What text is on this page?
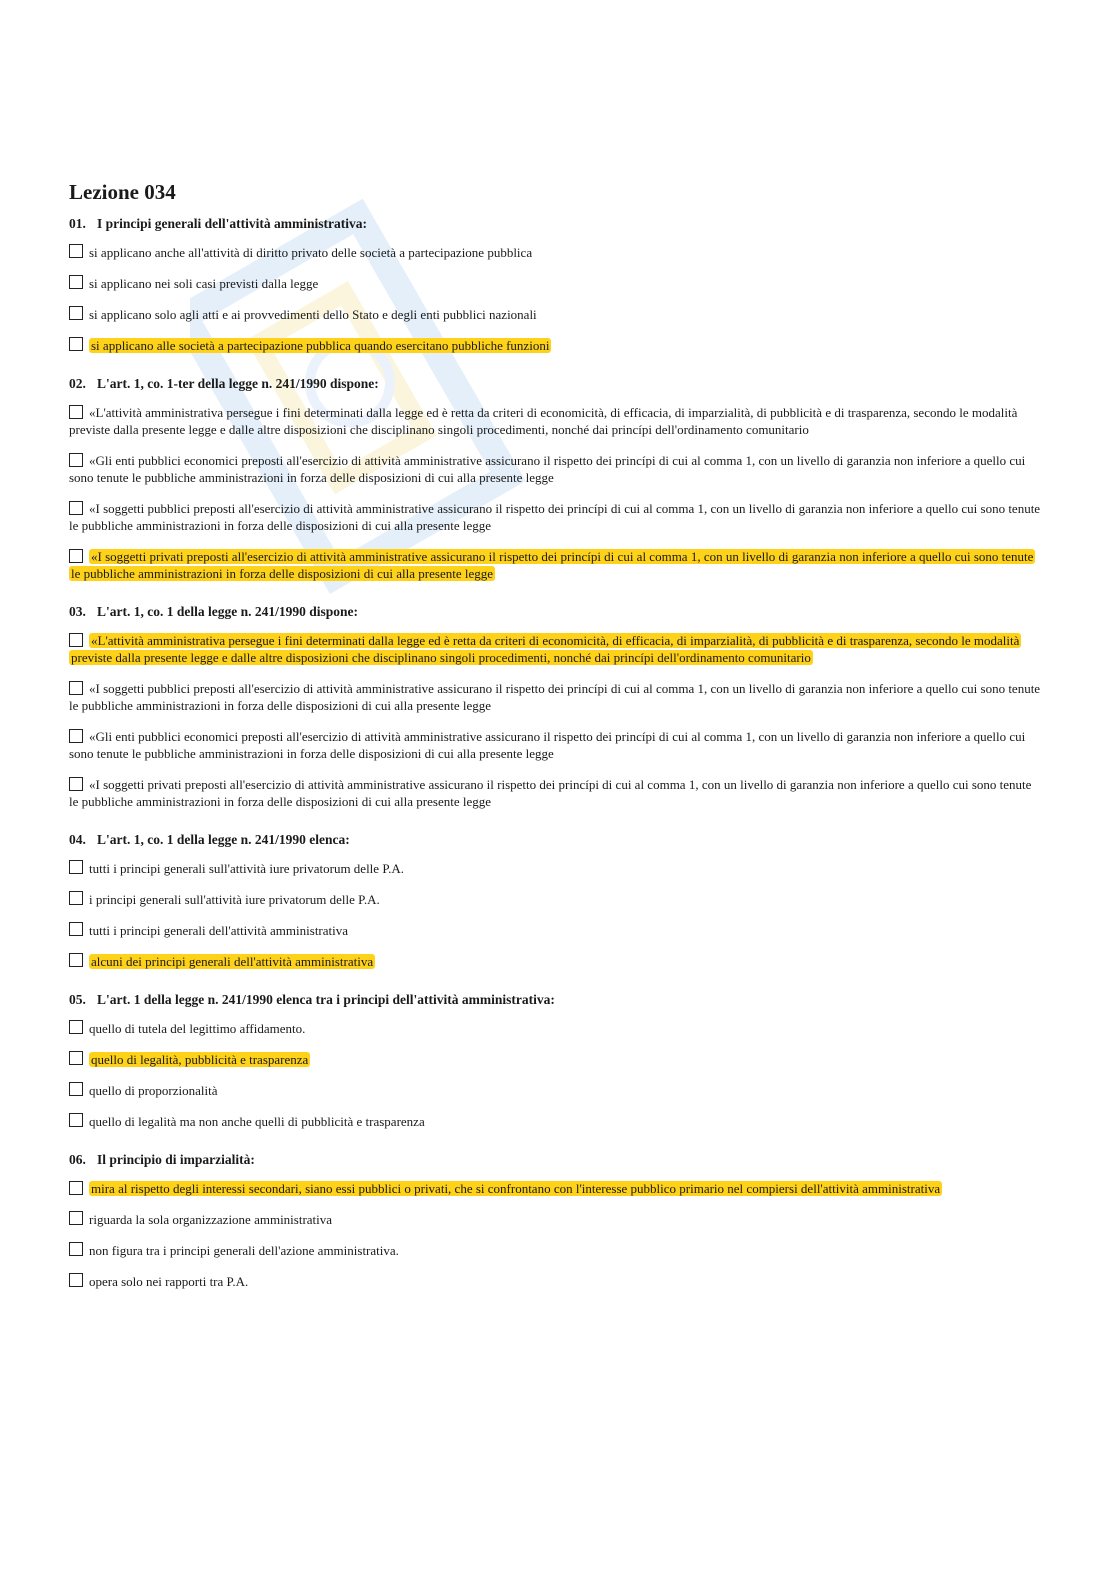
Lezione 034
01. I principi generali dell'attività amministrativa:
si applicano anche all'attività di diritto privato delle società a partecipazione pubblica
si applicano nei soli casi previsti dalla legge
si applicano solo agli atti e ai provvedimenti dello Stato e degli enti pubblici nazionali
si applicano alle società a partecipazione pubblica quando esercitano pubbliche funzioni
02. L'art. 1, co. 1-ter della legge n. 241/1990 dispone:
«L'attività amministrativa persegue i fini determinati dalla legge ed è retta da criteri di economicità, di efficacia, di imparzialità, di pubblicità e di trasparenza, secondo le modalità previste dalla presente legge e dalle altre disposizioni che disciplinano singoli procedimenti, nonché dai princípi dell'ordinamento comunitario
«Gli enti pubblici economici preposti all'esercizio di attività amministrative assicurano il rispetto dei princípi di cui al comma 1, con un livello di garanzia non inferiore a quello cui sono tenute le pubbliche amministrazioni in forza delle disposizioni di cui alla presente legge
«I soggetti pubblici preposti all'esercizio di attività amministrative assicurano il rispetto dei princípi di cui al comma 1, con un livello di garanzia non inferiore a quello cui sono tenute le pubbliche amministrazioni in forza delle disposizioni di cui alla presente legge
«I soggetti privati preposti all'esercizio di attività amministrative assicurano il rispetto dei princípi di cui al comma 1, con un livello di garanzia non inferiore a quello cui sono tenute le pubbliche amministrazioni in forza delle disposizioni di cui alla presente legge
03. L'art. 1, co. 1 della legge n. 241/1990 dispone:
«L'attività amministrativa persegue i fini determinati dalla legge ed è retta da criteri di economicità, di efficacia, di imparzialità, di pubblicità e di trasparenza, secondo le modalità previste dalla presente legge e dalle altre disposizioni che disciplinano singoli procedimenti, nonché dai princípi dell'ordinamento comunitario
«I soggetti pubblici preposti all'esercizio di attività amministrative assicurano il rispetto dei princípi di cui al comma 1, con un livello di garanzia non inferiore a quello cui sono tenute le pubbliche amministrazioni in forza delle disposizioni di cui alla presente legge
«Gli enti pubblici economici preposti all'esercizio di attività amministrative assicurano il rispetto dei princípi di cui al comma 1, con un livello di garanzia non inferiore a quello cui sono tenute le pubbliche amministrazioni in forza delle disposizioni di cui alla presente legge
«I soggetti privati preposti all'esercizio di attività amministrative assicurano il rispetto dei princípi di cui al comma 1, con un livello di garanzia non inferiore a quello cui sono tenute le pubbliche amministrazioni in forza delle disposizioni di cui alla presente legge
04. L'art. 1, co. 1 della legge n. 241/1990 elenca:
tutti i principi generali sull'attività iure privatorum delle P.A.
i principi generali sull'attività iure privatorum delle P.A.
tutti i principi generali dell'attività amministrativa
alcuni dei principi generali dell'attività amministrativa
05. L'art. 1 della legge n. 241/1990 elenca tra i principi dell'attività amministrativa:
quello di tutela del legittimo affidamento.
quello di legalità, pubblicità e trasparenza
quello di proporzionalità
quello di legalità ma non anche quelli di pubblicità e trasparenza
06. Il principio di imparzialità:
mira al rispetto degli interessi secondari, siano essi pubblici o privati, che si confrontano con l'interesse pubblico primario nel compiersi dell'attività amministrativa
riguarda la sola organizzazione amministrativa
non figura tra i principi generali dell'azione amministrativa.
opera solo nei rapporti tra P.A.
